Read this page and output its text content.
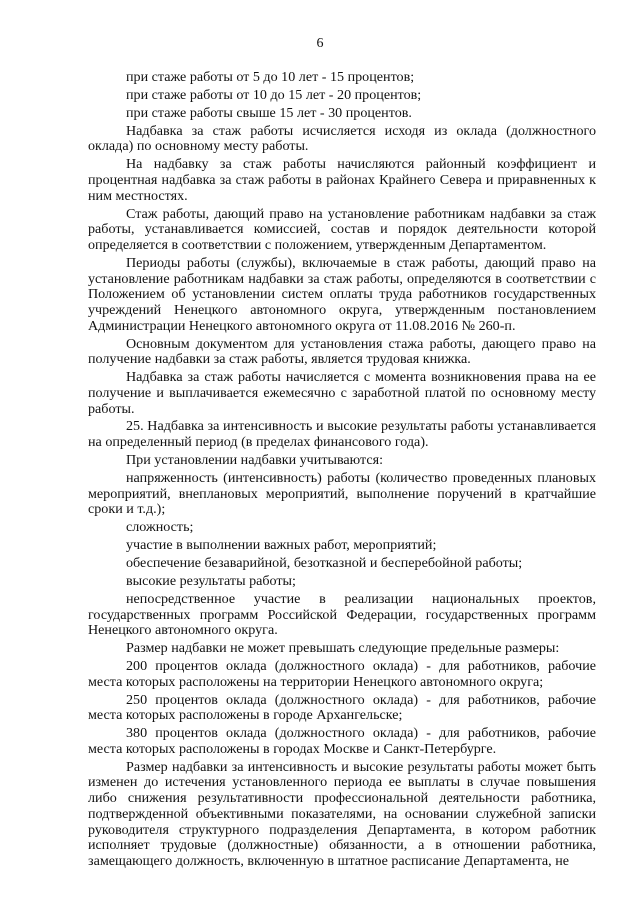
6

при стаже работы от 5 до 10 лет - 15 процентов;

при стаже работы от 10 до 15 лет - 20 процентов;

при стаже работы свыше 15 лет - 30 процентов.

Надбавка за стаж работы исчисляется исходя из оклада (должностного оклада) по основному месту работы.

На надбавку за стаж работы начисляются районный коэффициент и процентная надбавка за стаж работы в районах Крайнего Севера и приравненных к ним местностях.

Стаж работы, дающий право на установление работникам надбавки за стаж работы, устанавливается комиссией, состав и порядок деятельности которой определяется в соответствии с положением, утвержденным Департаментом.

Периоды работы (службы), включаемые в стаж работы, дающий право на установление работникам надбавки за стаж работы, определяются в соответствии с Положением об установлении систем оплаты труда работников государственных учреждений Ненецкого автономного округа, утвержденным постановлением Администрации Ненецкого автономного округа от 11.08.2016 № 260-п.

Основным документом для установления стажа работы, дающего право на получение надбавки за стаж работы, является трудовая книжка.

Надбавка за стаж работы начисляется с момента возникновения права на ее получение и выплачивается ежемесячно с заработной платой по основному месту работы.

25. Надбавка за интенсивность и высокие результаты работы устанавливается на определенный период (в пределах финансового года).

При установлении надбавки учитываются:

напряженность (интенсивность) работы (количество проведенных плановых мероприятий, внеплановых мероприятий, выполнение поручений в кратчайшие сроки и т.д.);

сложность;

участие в выполнении важных работ, мероприятий;

обеспечение безаварийной, безотказной и бесперебойной работы;

высокие результаты работы;

непосредственное участие в реализации национальных проектов, государственных программ Российской Федерации, государственных программ Ненецкого автономного округа.

Размер надбавки не может превышать следующие предельные размеры:

200 процентов оклада (должностного оклада) - для работников, рабочие места которых расположены на территории Ненецкого автономного округа;

250 процентов оклада (должностного оклада) - для работников, рабочие места которых расположены в городе Архангельске;

380 процентов оклада (должностного оклада) - для работников, рабочие места которых расположены в городах Москве и Санкт-Петербурге.

Размер надбавки за интенсивность и высокие результаты работы может быть изменен до истечения установленного периода ее выплаты в случае повышения либо снижения результативности профессиональной деятельности работника, подтвержденной объективными показателями, на основании служебной записки руководителя структурного подразделения Департамента, в котором работник исполняет трудовые (должностные) обязанности, а в отношении работника, замещающего должность, включенную в штатное расписание Департамента, не
